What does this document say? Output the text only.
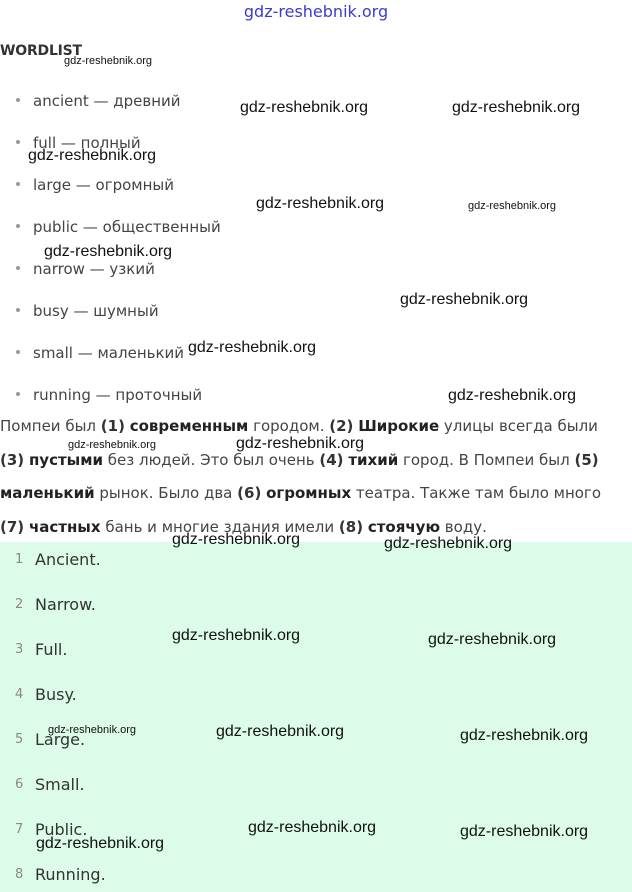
gdz-reshebnik.org
WORDLIST
ancient — древний
full — полный
large — огромный
public — общественный
narrow — узкий
busy — шумный
small — маленький
running — проточный
Помпеи был (1) современным городом. (2) Широкие улицы всегда были (3) пустыми без людей. Это был очень (4) тихий город. В Помпеи был (5) маленький рынок. Было два (6) огромных театра. Также там было много (7) частных бань и многие здания имели (8) стоячую воду.
1 Ancient.
2 Narrow.
3 Full.
4 Busy.
5 Large.
6 Small.
7 Public.
8 Running.
gdz-reshebnik.org
gdz-reshebnik.org	gdz-reshebnik.org
gdz-reshebnik.org
gdz-reshebnik.org	gdz-reshebnik.org
gdz-reshebnik.org
gdz-reshebnik.org
gdz-reshebnik.org
gdz-reshebnik.org
gdz-reshebnik.org	gdz-reshebnik.org
gdz-reshebnik.org	gdz-reshebnik.org
gdz-reshebnik.org	gdz-reshebnik.org
gdz-reshebnik.org	gdz-reshebnik.org	gdz-reshebnik.org
gdz-reshebnik.org	gdz-reshebnik.org
gdz-reshebnik.org
